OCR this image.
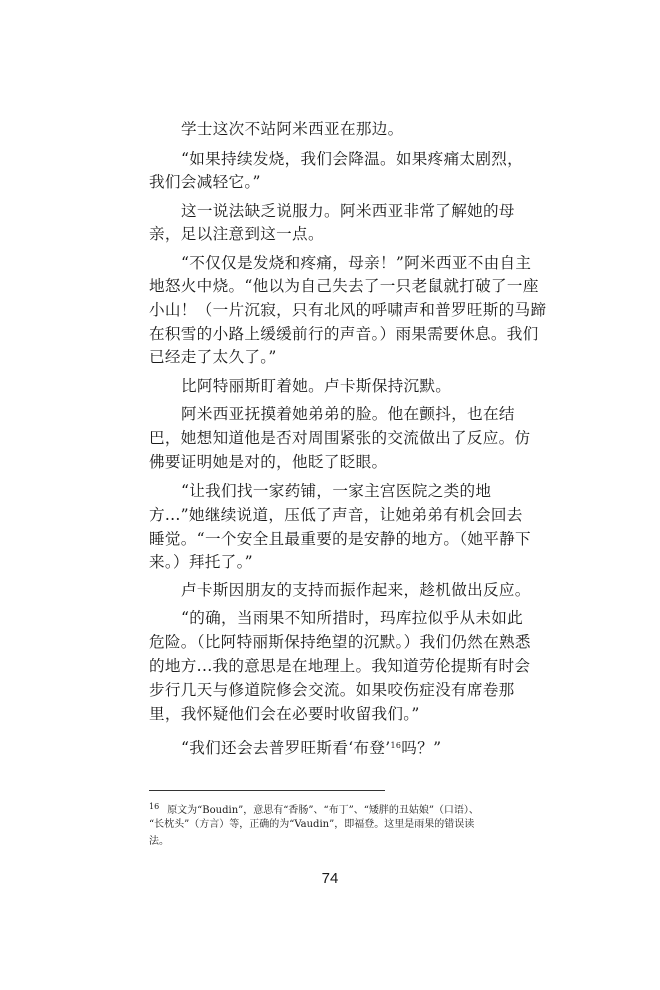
学士这次不站阿米西亚在那边。
“如果持续发烧，我们会降温。如果疼痛太剧烈，
我们会减轻它。”
这一说法缺乏说服力。阿米西亚非常了解她的母
亲，足以注意到这一点。
“不仅仅是发烧和疼痛，母亲！”阿米西亚不由自主
地怒火中烧。“他以为自己失去了一只老鼠就打破了一座
小山！（一片沉寂，只有北风的呼啸声和普罗旺斯的马蹄
在积雪的小路上缓缓前行的声音。）雨果需要休息。我们
已经走了太久了。”
比阿特丽斯盯着她。卢卡斯保持沉默。
阿米西亚抚摸着她弟弟的脸。他在颤抖，也在结
巴，她想知道他是否对周围紧张的交流做出了反应。仿
佛要证明她是对的，他眨了眨眼。
“让我们找一家药铺，一家主宫医院之类的地
方...”她继续说道，压低了声音，让她弟弟有机会回去
睡觉。“一个安全且最重要的是安静的地方。（她平静下
来。）拜托了。”
卢卡斯因朋友的支持而振作起来，趁机做出反应。
“的确，当雨果不知所措时，玛库拉似乎从未如此
危险。（比阿特丽斯保持绝望的沉默。）我们仍然在熟悉
的地方...我的意思是在地理上。我知道劳伦提斯有时会
步行几天与修道院修会交流。如果咬伤症没有席卷那
里，我怀疑他们会在必要时收留我们。”
“我们还会去普罗旺斯看‘布登’$^{16}$吗？”
$^{16}$ 原文为“Boudin”，意思有“香肠”、“布丁”、“矮胖的丑姑娘”（口语）、
“长枕头”（方言）等，正确的为“Vaudin”，即福登。这里是雨果的错误读
法。
74
